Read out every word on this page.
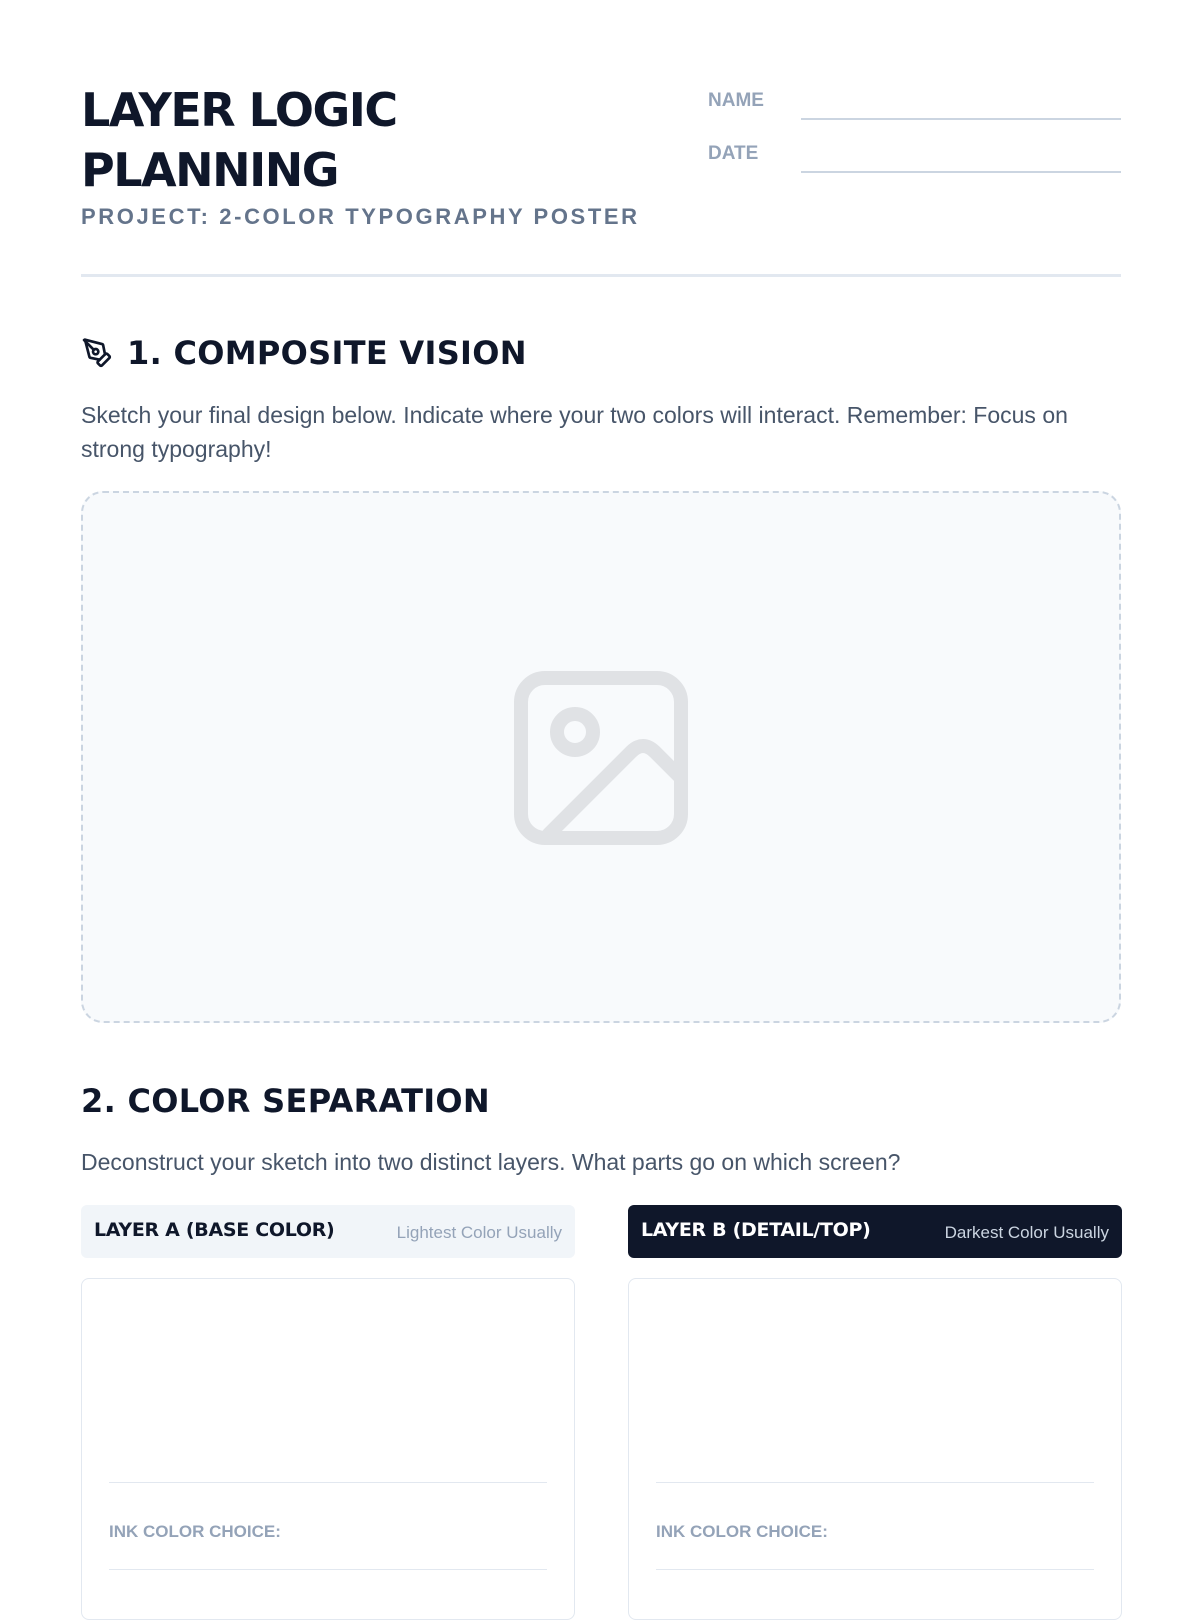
LAYER LOGIC
PLANNING

PROJECT: 2-COLOR TYPOGRAPHY POSTER

NAME
DATE
1. COMPOSITE VISION

Sketch your final design below. Indicate where your two colors will interact. Remember: Focus on strong typography!

2. COLOR SEPARATION

Deconstruct your sketch into two distinct layers. What parts go on which screen?

LAYER A (BASE COLOR)	Lightest Color Usually
INK COLOR CHOICE:
LAYER B (DETAIL/TOP)	Darkest Color Usually
INK COLOR CHOICE:
